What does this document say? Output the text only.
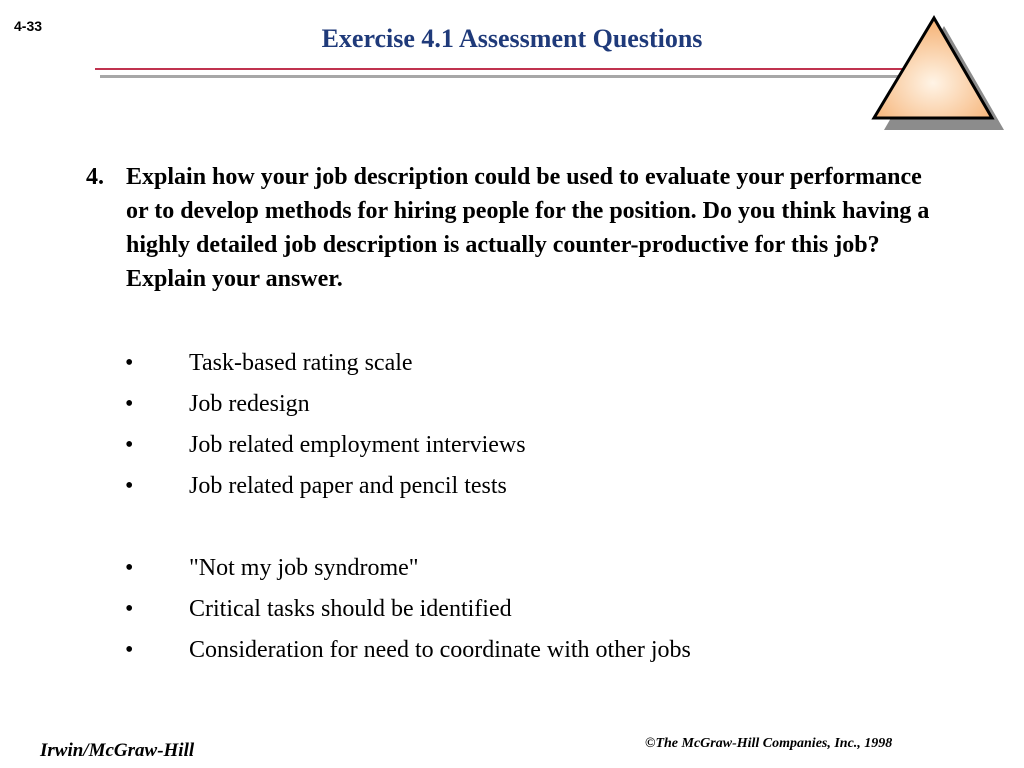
4-33	Exercise 4.1 Assessment Questions
4. Explain how your job description could be used to evaluate your performance or to develop methods for hiring people for the position. Do you think having a highly detailed job description is actually counter-productive for this job? Explain your answer.
•	Task-based rating scale
•	Job redesign
•	Job related employment interviews
•	Job related paper and pencil tests
•	"Not my job syndrome"
•	Critical tasks should be identified
•	Consideration for need to coordinate with other jobs
Irwin/McGraw-Hill	©The McGraw-Hill Companies, Inc., 1998
